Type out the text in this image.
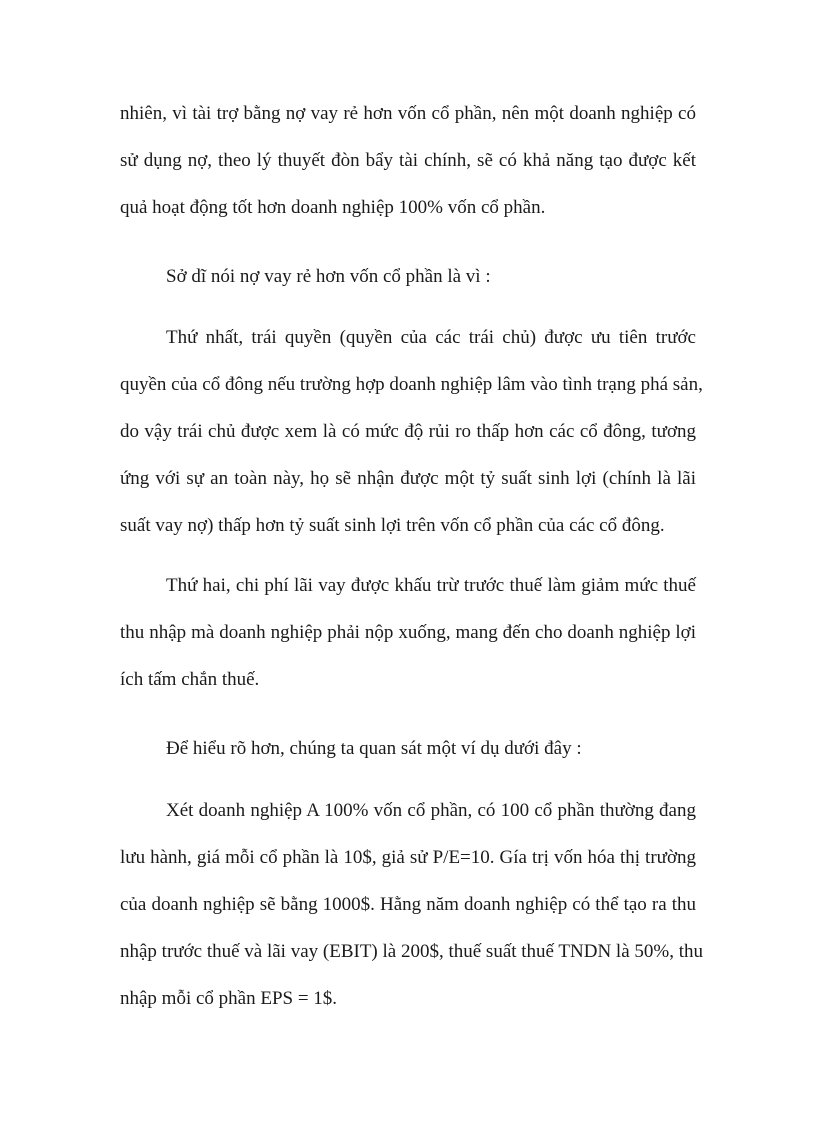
nhiên, vì tài trợ bằng nợ vay rẻ hơn vốn cổ phần, nên một doanh nghiệp có
sử dụng nợ, theo lý thuyết đòn bẩy tài chính, sẽ có khả năng tạo được kết
quả hoạt động tốt hơn doanh nghiệp 100% vốn cổ phần.
Sở dĩ nói nợ vay rẻ hơn vốn cổ phần là vì :
Thứ nhất, trái quyền (quyền của các trái chủ) được ưu tiên trước
quyền của cổ đông nếu trường hợp doanh nghiệp lâm vào tình trạng phá sản,
do vậy trái chủ được xem là có mức độ rủi ro thấp hơn các cổ đông, tương
ứng với sự an toàn này, họ sẽ nhận được một tỷ suất sinh lợi (chính là lãi
suất vay nợ) thấp hơn tỷ suất sinh lợi trên vốn cổ phần của các cổ đông.
Thứ hai, chi phí lãi vay được khấu trừ trước thuế làm giảm mức thuế
thu nhập mà doanh nghiệp phải nộp xuống, mang đến cho doanh nghiệp lợi
ích tấm chắn thuế.
Để hiểu rõ hơn, chúng ta quan sát một ví dụ dưới đây :
Xét doanh nghiệp A 100% vốn cổ phần, có 100 cổ phần thường đang
lưu hành, giá mỗi cổ phần là 10$, giả sử P/E=10. Gía trị vốn hóa thị trường
của doanh nghiệp sẽ bằng 1000$. Hằng năm doanh nghiệp có thể tạo ra thu
nhập trước thuế và lãi vay (EBIT) là 200$, thuế suất thuế TNDN là 50%, thu
nhập mỗi cổ phần EPS = 1$.
